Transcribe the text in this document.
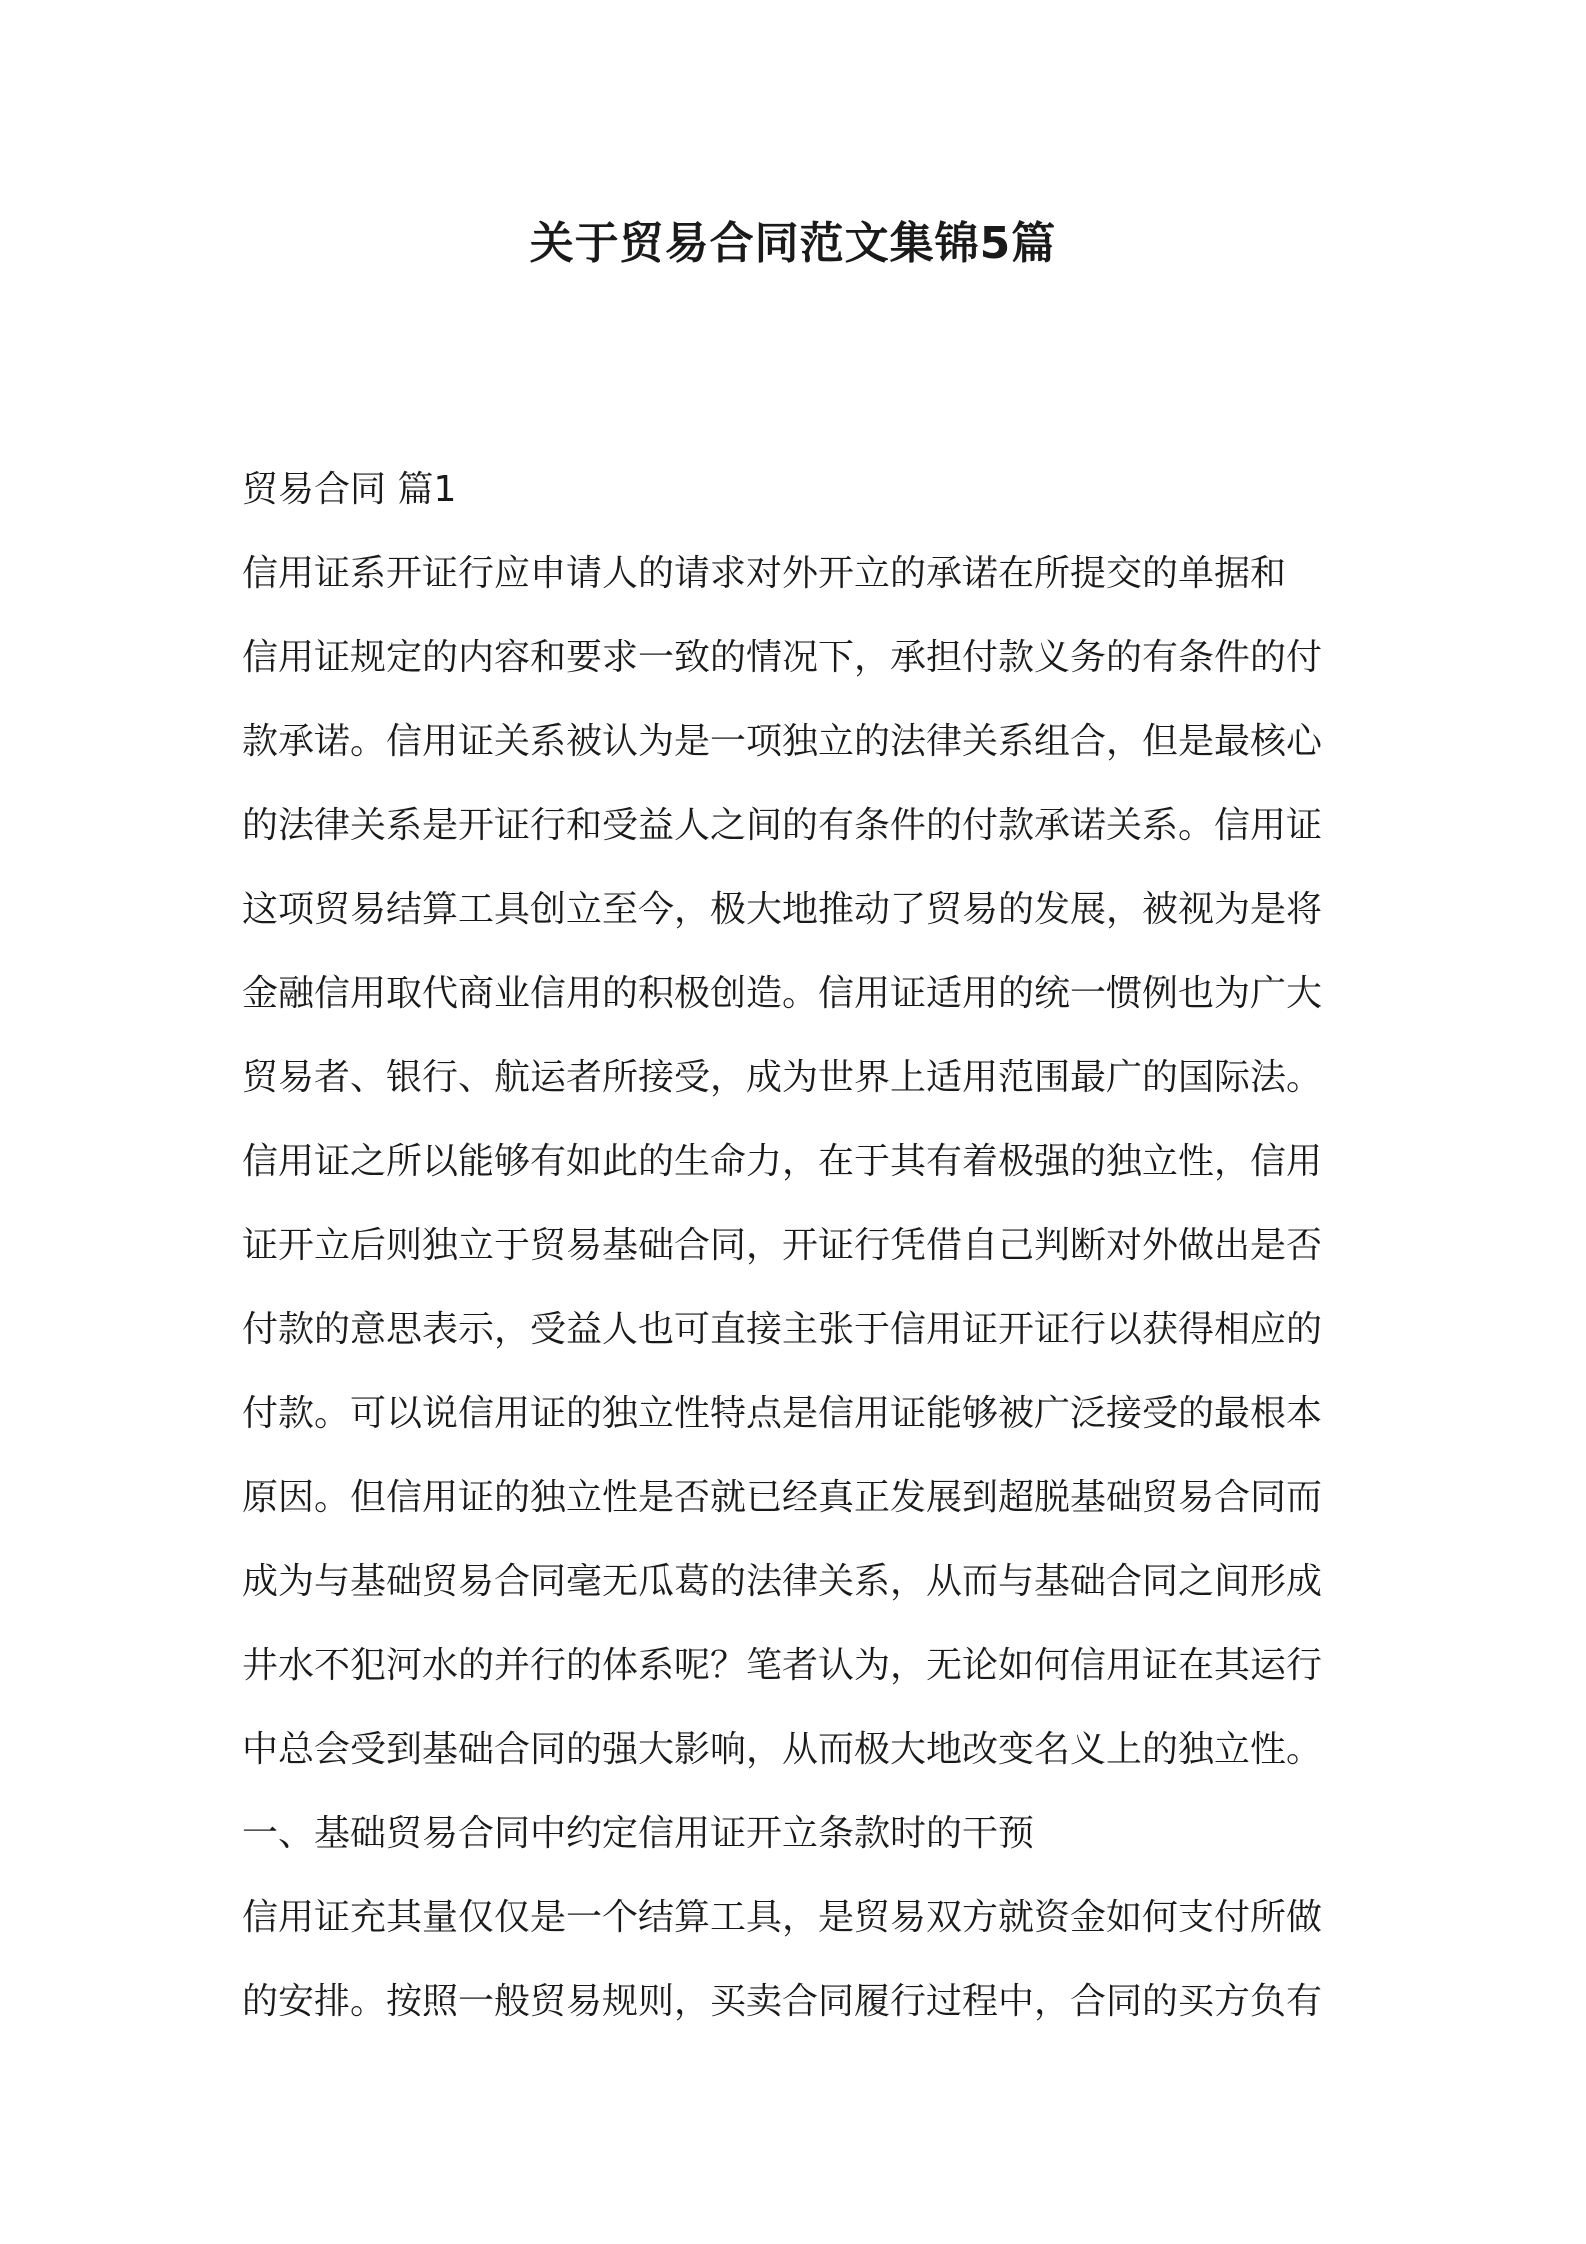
关于贸易合同范文集锦5篇
贸易合同 篇1
信用证系开证行应申请人的请求对外开立的承诺在所提交的单据和
信用证规定的内容和要求一致的情况下，承担付款义务的有条件的付
款承诺。信用证关系被认为是一项独立的法律关系组合，但是最核心
的法律关系是开证行和受益人之间的有条件的付款承诺关系。信用证
这项贸易结算工具创立至今，极大地推动了贸易的发展，被视为是将
金融信用取代商业信用的积极创造。信用证适用的统一惯例也为广大
贸易者、银行、航运者所接受，成为世界上适用范围最广的国际法。
信用证之所以能够有如此的生命力，在于其有着极强的独立性，信用
证开立后则独立于贸易基础合同，开证行凭借自己判断对外做出是否
付款的意思表示，受益人也可直接主张于信用证开证行以获得相应的
付款。可以说信用证的独立性特点是信用证能够被广泛接受的最根本
原因。但信用证的独立性是否就已经真正发展到超脱基础贸易合同而
成为与基础贸易合同毫无瓜葛的法律关系，从而与基础合同之间形成
井水不犯河水的并行的体系呢？笔者认为，无论如何信用证在其运行
中总会受到基础合同的强大影响，从而极大地改变名义上的独立性。
一、基础贸易合同中约定信用证开立条款时的干预
信用证充其量仅仅是一个结算工具，是贸易双方就资金如何支付所做
的安排。按照一般贸易规则，买卖合同履行过程中，合同的买方负有
